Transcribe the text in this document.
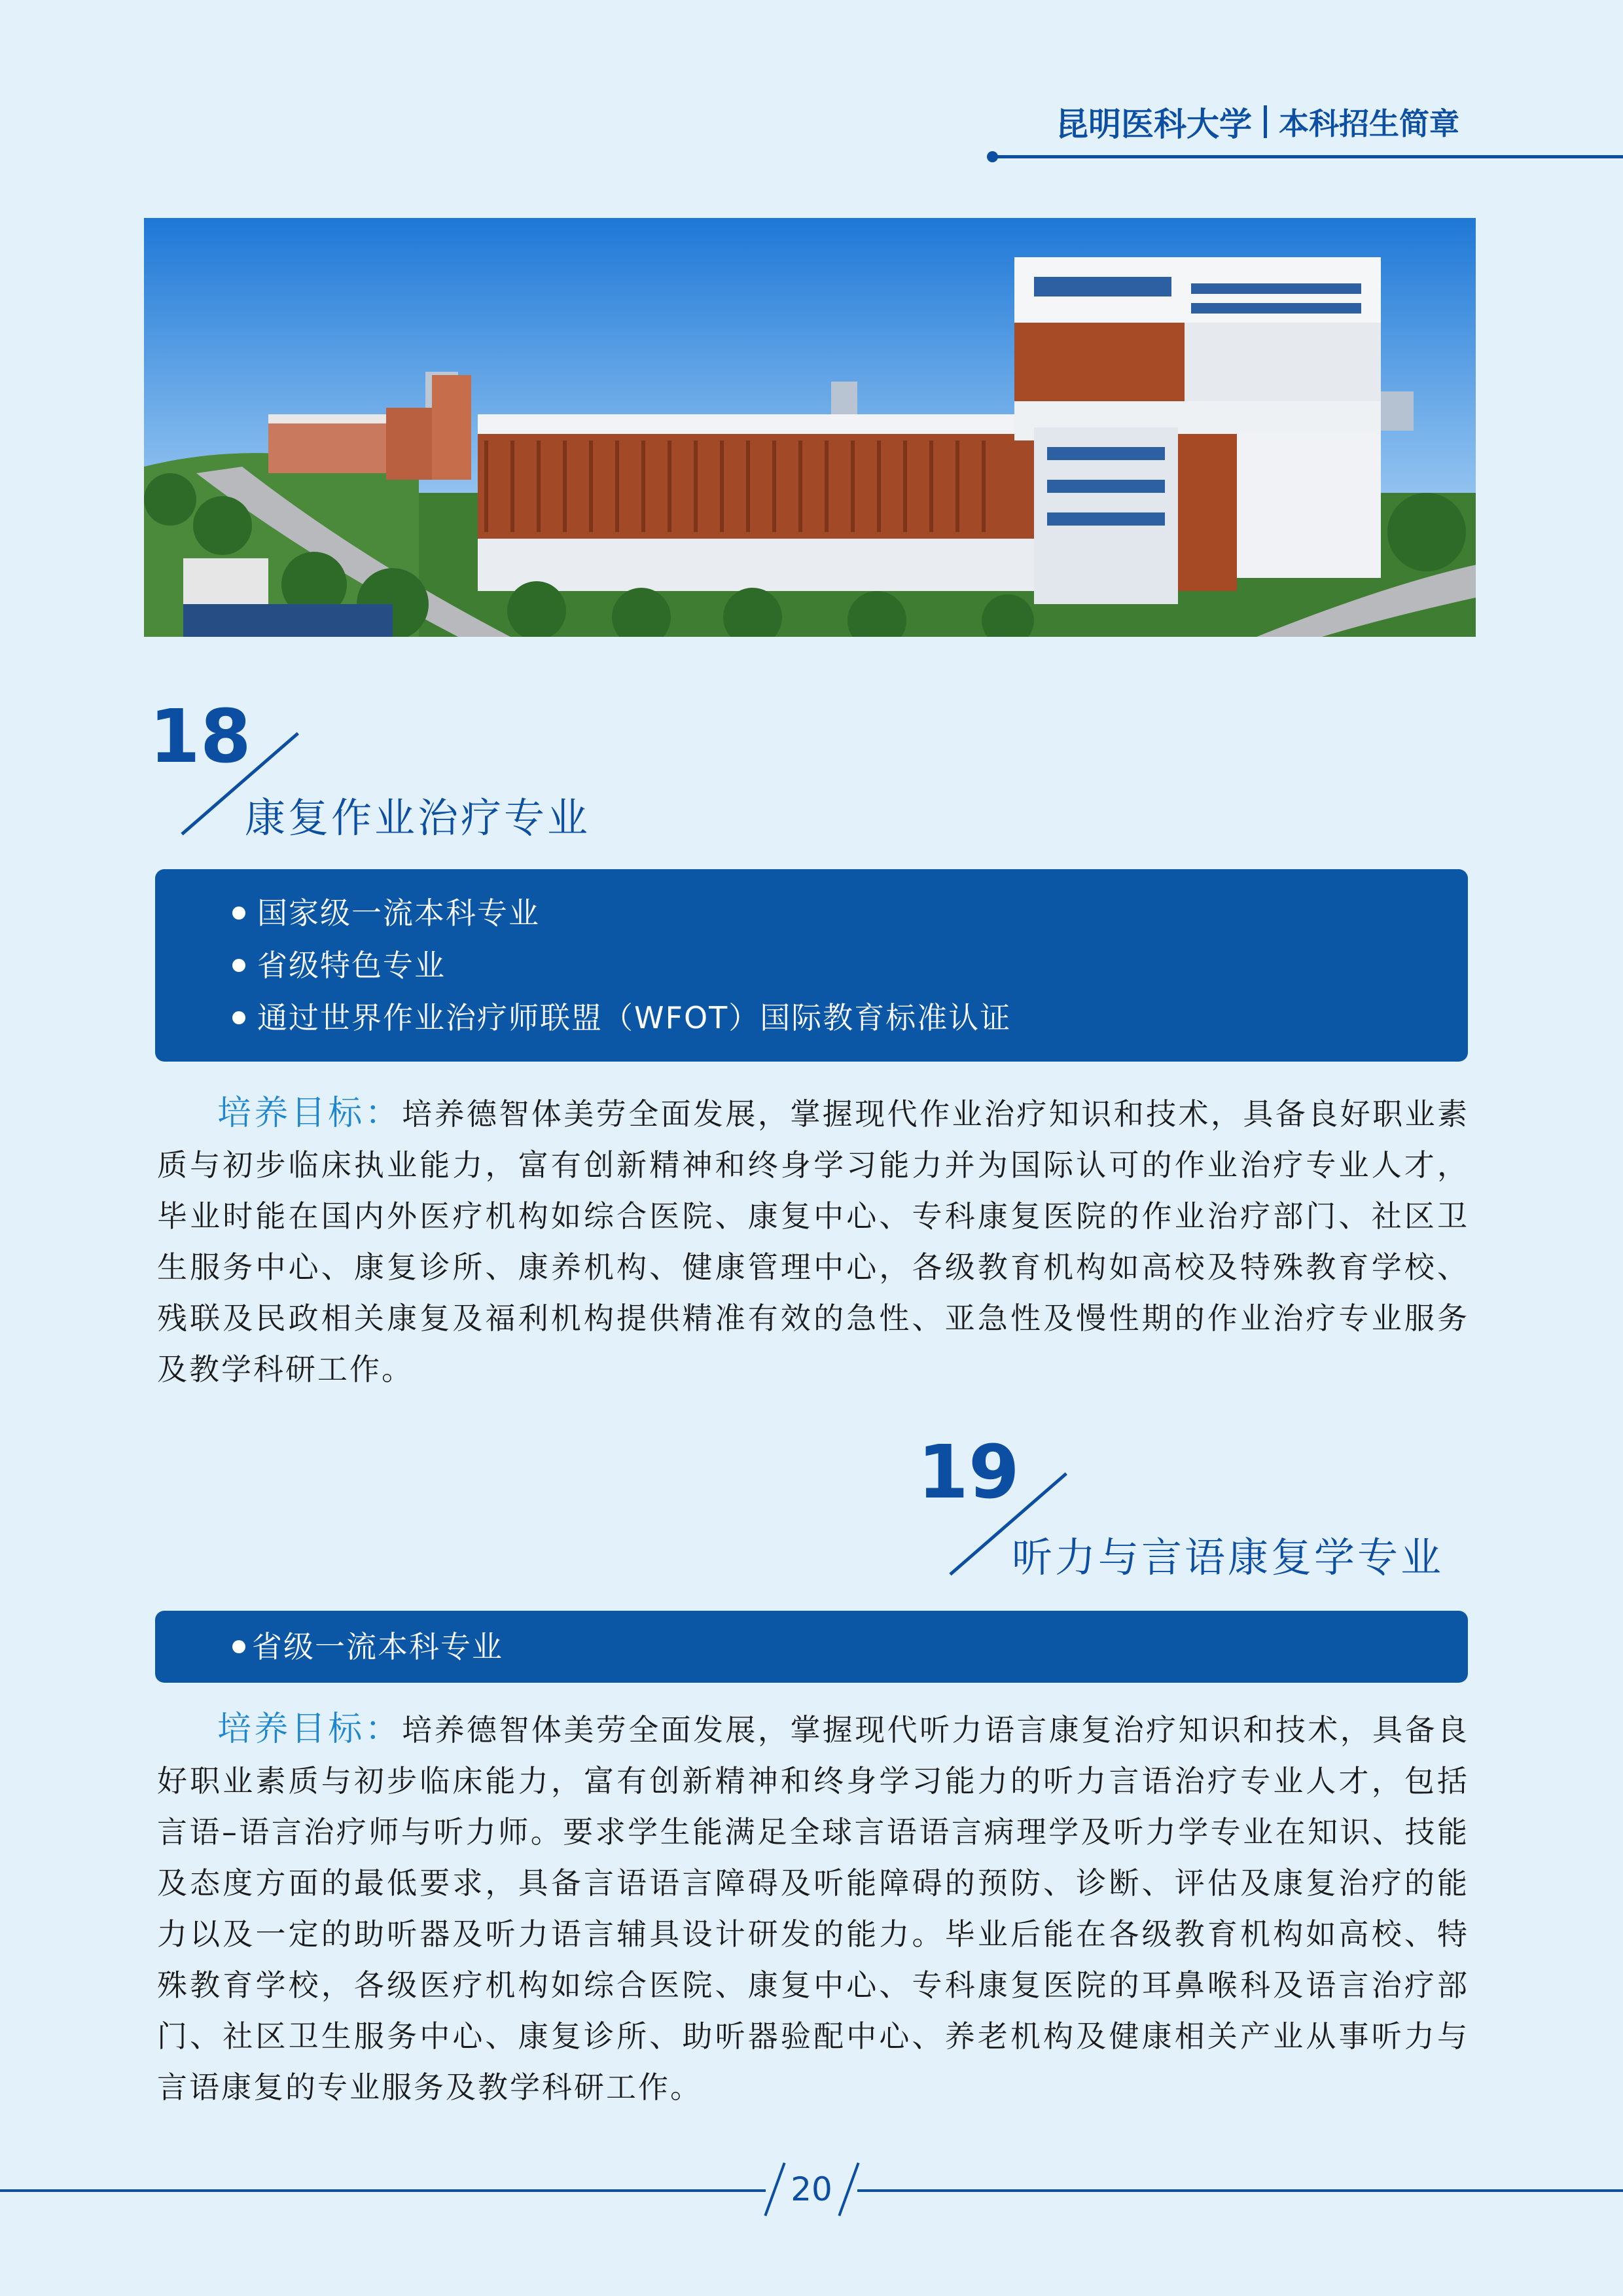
昆明医科大学 本科招生简章
18
康复作业治疗专业
国家级一流本科专业
省级特色专业
通过世界作业治疗师联盟（WFOT）国际教育标准认证
培养目标：培养德智体美劳全面发展，掌握现代作业治疗知识和技术，具备良好职业素质与初步临床执业能力，富有创新精神和终身学习能力并为国际认可的作业治疗专业人才，毕业时能在国内外医疗机构如综合医院、康复中心、专科康复医院的作业治疗部门、社区卫生服务中心、康复诊所、康养机构、健康管理中心，各级教育机构如高校及特殊教育学校、残联及民政相关康复及福利机构提供精准有效的急性、亚急性及慢性期的作业治疗专业服务及教学科研工作。
19
听力与言语康复学专业
省级一流本科专业
培养目标：培养德智体美劳全面发展，掌握现代听力语言康复治疗知识和技术，具备良好职业素质与初步临床能力，富有创新精神和终身学习能力的听力言语治疗专业人才，包括言语–语言治疗师与听力师。要求学生能满足全球言语语言病理学及听力学专业在知识、技能及态度方面的最低要求，具备言语语言障碍及听能障碍的预防、诊断、评估及康复治疗的能力以及一定的助听器及听力语言辅具设计研发的能力。毕业后能在各级教育机构如高校、特殊教育学校，各级医疗机构如综合医院、康复中心、专科康复医院的耳鼻喉科及语言治疗部门、社区卫生服务中心、康复诊所、助听器验配中心、养老机构及健康相关产业从事听力与言语康复的专业服务及教学科研工作。
20
